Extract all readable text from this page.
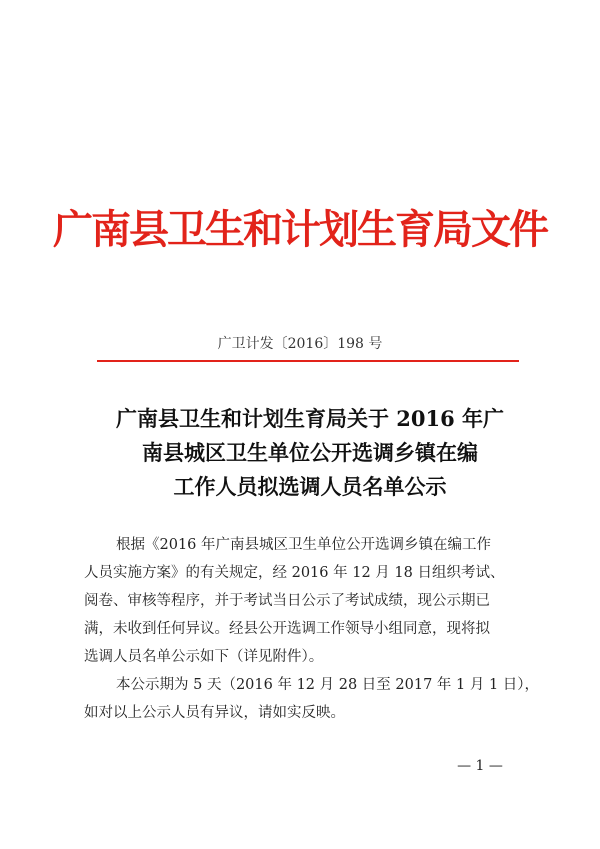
广南县卫生和计划生育局文件
广卫计发〔2016〕198 号
广南县卫生和计划生育局关于 2016 年广
南县城区卫生单位公开选调乡镇在编
工作人员拟选调人员名单公示
根据《2016 年广南县城区卫生单位公开选调乡镇在编工作
人员实施方案》的有关规定，经 2016 年 12 月 18 日组织考试、
阅卷、审核等程序，并于考试当日公示了考试成绩，现公示期已
满，未收到任何异议。经县公开选调工作领导小组同意，现将拟
选调人员名单公示如下（详见附件）。
本公示期为 5 天（2016 年 12 月 28 日至 2017 年 1 月 1 日），
如对以上公示人员有异议，请如实反映。
— 1 —
